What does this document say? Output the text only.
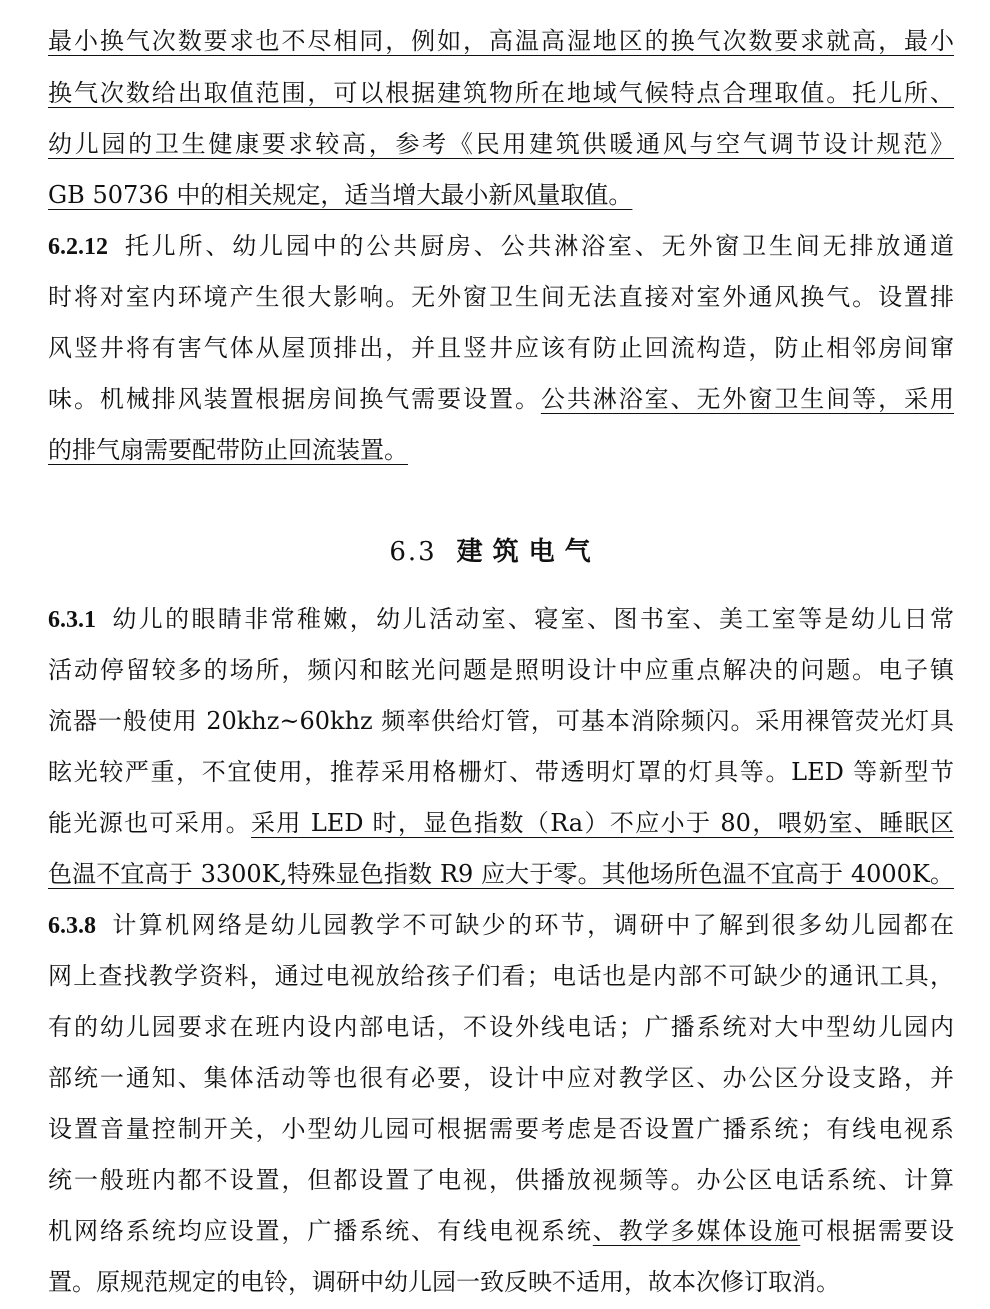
最小换气次数要求也不尽相同，例如，高温高湿地区的换气次数要求就高，最小
换气次数给出取值范围，可以根据建筑物所在地域气候特点合理取值。托儿所、
幼儿园的卫生健康要求较高，参考《民用建筑供暖通风与空气调节设计规范》
GB 50736 中的相关规定，适当增大最小新风量取值。
6.2.12 托儿所、幼儿园中的公共厨房、公共淋浴室、无外窗卫生间无排放通道
时将对室内环境产生很大影响。无外窗卫生间无法直接对室外通风换气。设置排
风竖井将有害气体从屋顶排出，并且竖井应该有防止回流构造，防止相邻房间窜
味。机械排风装置根据房间换气需要设置。公共淋浴室、无外窗卫生间等，采用
的排气扇需要配带防止回流装置。
6.3 建筑电气
6.3.1 幼儿的眼睛非常稚嫩，幼儿活动室、寝室、图书室、美工室等是幼儿日常
活动停留较多的场所，频闪和眩光问题是照明设计中应重点解决的问题。电子镇
流器一般使用 20khz~60khz 频率供给灯管，可基本消除频闪。采用裸管荧光灯具
眩光较严重，不宜使用，推荐采用格栅灯、带透明灯罩的灯具等。LED 等新型节
能光源也可采用。采用 LED 时，显色指数（Ra）不应小于 80，喂奶室、睡眠区
色温不宜高于 3300K,特殊显色指数 R9 应大于零。其他场所色温不宜高于 4000K。
6.3.8 计算机网络是幼儿园教学不可缺少的环节，调研中了解到很多幼儿园都在
网上查找教学资料，通过电视放给孩子们看；电话也是内部不可缺少的通讯工具，
有的幼儿园要求在班内设内部电话，不设外线电话；广播系统对大中型幼儿园内
部统一通知、集体活动等也很有必要，设计中应对教学区、办公区分设支路，并
设置音量控制开关，小型幼儿园可根据需要考虑是否设置广播系统；有线电视系
统一般班内都不设置，但都设置了电视，供播放视频等。办公区电话系统、计算
机网络系统均应设置，广播系统、有线电视系统、教学多媒体设施可根据需要设
置。原规范规定的电铃，调研中幼儿园一致反映不适用，故本次修订取消。
